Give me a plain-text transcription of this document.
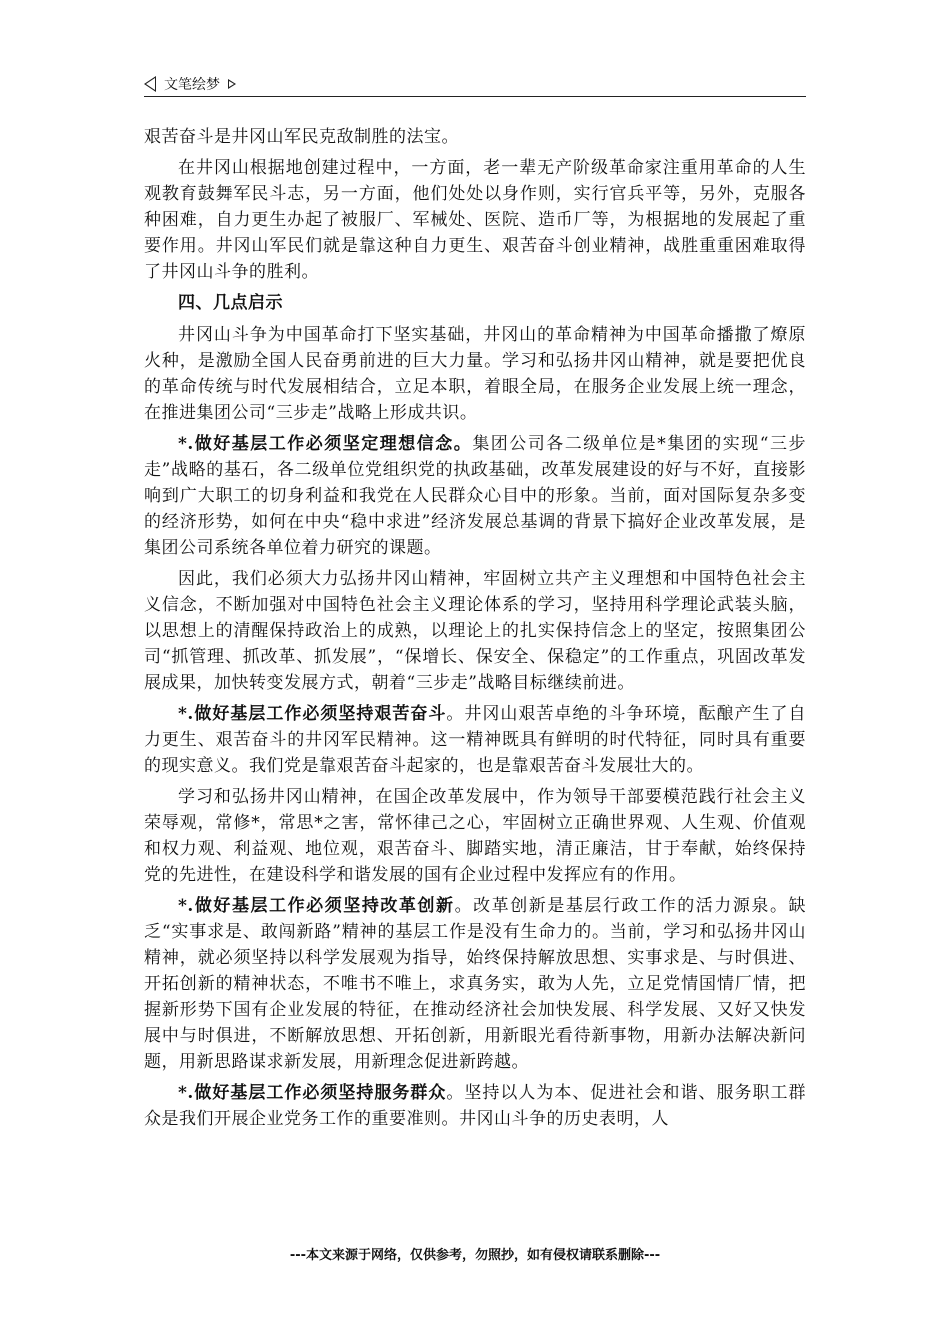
文笔绘梦

艰苦奋斗是井冈山军民克敌制胜的法宝。

在井冈山根据地创建过程中，一方面，老一辈无产阶级革命家注重用革命的人生观教育鼓舞军民斗志，另一方面，他们处处以身作则，实行官兵平等，另外，克服各种困难，自力更生办起了被服厂、军械处、医院、造币厂等，为根据地的发展起了重要作用。井冈山军民们就是靠这种自力更生、艰苦奋斗创业精神，战胜重重困难取得了井冈山斗争的胜利。

四、几点启示

井冈山斗争为中国革命打下坚实基础，井冈山的革命精神为中国革命播撒了燎原火种，是激励全国人民奋勇前进的巨大力量。学习和弘扬井冈山精神，就是要把优良的革命传统与时代发展相结合，立足本职，着眼全局，在服务企业发展上统一理念，在推进集团公司“三步走”战略上形成共识。

*.做好基层工作必须坚定理想信念。集团公司各二级单位是*集团的实现“三步走”战略的基石，各二级单位党组织党的执政基础，改革发展建设的好与不好，直接影响到广大职工的切身利益和我党在人民群众心目中的形象。当前，面对国际复杂多变的经济形势，如何在中央“稳中求进”经济发展总基调的背景下搞好企业改革发展，是集团公司系统各单位着力研究的课题。

因此，我们必须大力弘扬井冈山精神，牢固树立共产主义理想和中国特色社会主义信念，不断加强对中国特色社会主义理论体系的学习，坚持用科学理论武装头脑，以思想上的清醒保持政治上的成熟，以理论上的扎实保持信念上的坚定，按照集团公司“抓管理、抓改革、抓发展”，“保增长、保安全、保稳定”的工作重点，巩固改革发展成果，加快转变发展方式，朝着“三步走”战略目标继续前进。

*.做好基层工作必须坚持艰苦奋斗。井冈山艰苦卓绝的斗争环境，酝酿产生了自力更生、艰苦奋斗的井冈军民精神。这一精神既具有鲜明的时代特征，同时具有重要的现实意义。我们党是靠艰苦奋斗起家的，也是靠艰苦奋斗发展壮大的。

学习和弘扬井冈山精神，在国企改革发展中，作为领导干部要模范践行社会主义荣辱观，常修*，常思*之害，常怀律己之心，牢固树立正确世界观、人生观、价值观和权力观、利益观、地位观，艰苦奋斗、脚踏实地，清正廉洁，甘于奉献，始终保持党的先进性，在建设科学和谐发展的国有企业过程中发挥应有的作用。

*.做好基层工作必须坚持改革创新。改革创新是基层行政工作的活力源泉。缺乏“实事求是、敢闯新路”精神的基层工作是没有生命力的。当前，学习和弘扬井冈山精神，就必须坚持以科学发展观为指导，始终保持解放思想、实事求是、与时俱进、开拓创新的精神状态，不唯书不唯上，求真务实，敢为人先，立足党情国情厂情，把握新形势下国有企业发展的特征，在推动经济社会加快发展、科学发展、又好又快发展中与时俱进，不断解放思想、开拓创新，用新眼光看待新事物，用新办法解决新问题，用新思路谋求新发展，用新理念促进新跨越。

*.做好基层工作必须坚持服务群众。坚持以人为本、促进社会和谐、服务职工群众是我们开展企业党务工作的重要准则。井冈山斗争的历史表明，人

---本文来源于网络，仅供参考，勿照抄，如有侵权请联系删除---
